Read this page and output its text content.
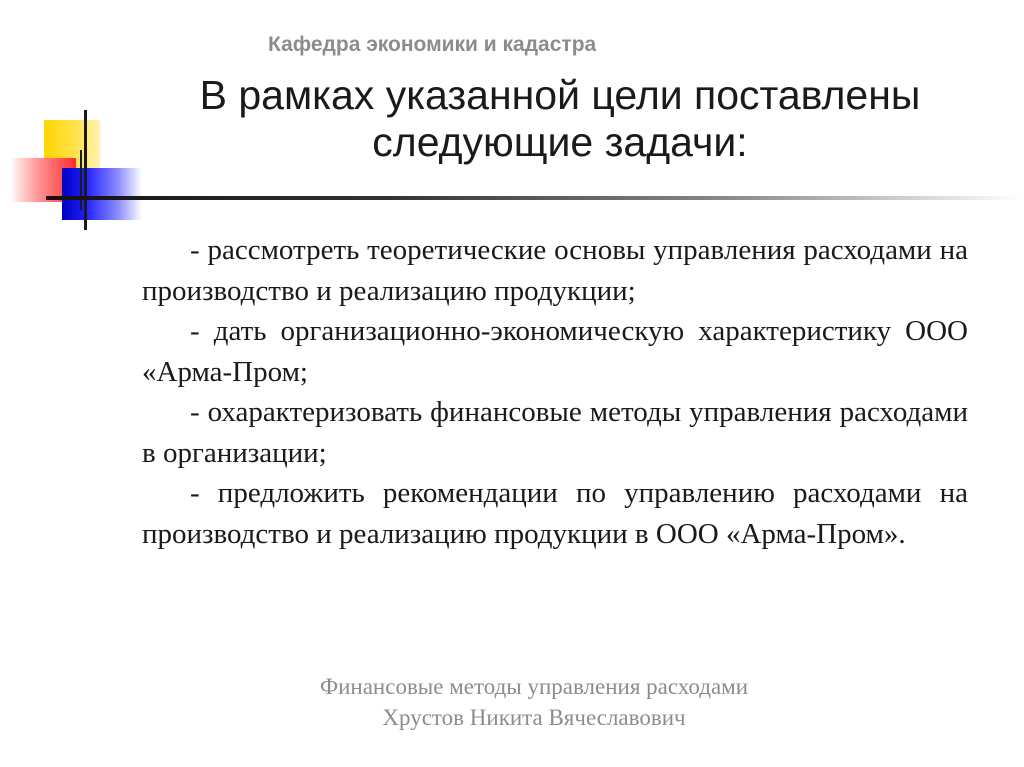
Кафедра экономики и кадастра
В рамках указанной цели поставлены
следующие задачи:

- рассмотреть теоретические основы управления расходами на производство и реализацию продукции;

- дать организационно-экономическую характеристику ООО «Арма-Пром;

- охарактеризовать финансовые методы управления расходами в организации;

- предложить рекомендации по управлению расходами на производство и реализацию продукции в ООО «Арма-Пром».

Финансовые методы управления расходами
Хрустов Никита Вячеславович
